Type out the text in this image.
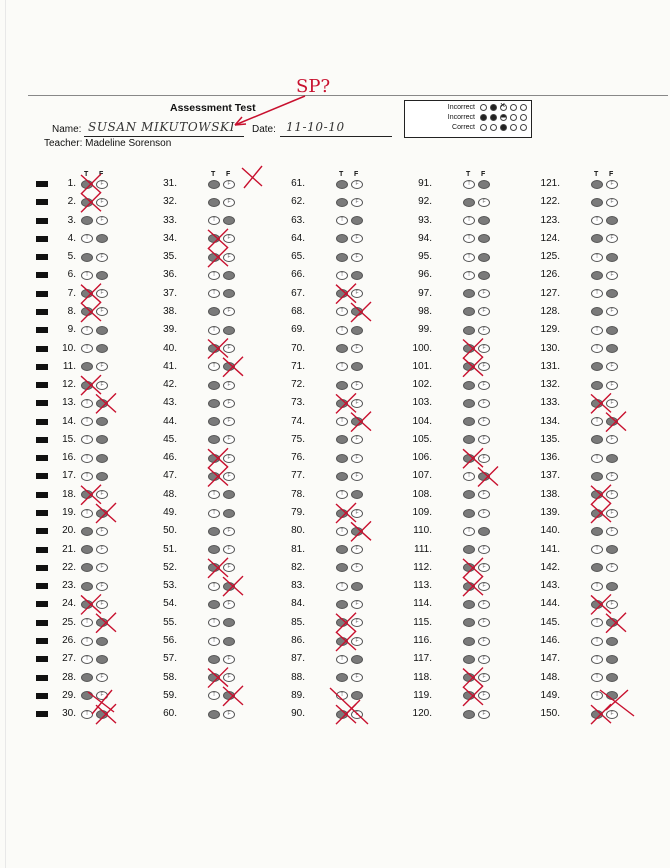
Assessment Test
Name: SUSAN MIKUTOWSKI Date: 11-10-10
Teacher: Madeline Sorenson
Incorrect
×
Incorrect
Correct
T F
1.	F
2.	F
3.	F
4.	T
5.	F
6.	T
7.	F
8.	F
9.	T
10.	T
11.	F
12.	F
13.	T
14.	T
15.	T
16.	T
17.	T
18.	F
19.	T
20.	F
21.	F
22.	F
23.	F
24.	F
25.	T
26.	T
27.	T
28.	F
29.	F
30.	T
T F
31.	F
32.	F
33.	T
34.	F
35.	F
36.	T
37.	T
38.	F
39.	T
40.	F
41.	T
42.	F
43.	F
44.	F
45.	F
46.	F
47.	F
48.	T
49.	T
50.	F
51.	F
52.	F
53.	T
54.	F
55.	T
56.	T
57.	F
58.	F
59.	T
60.	F
T F
61.	F
62.	F
63.	T
64.	F
65.	F
66.	T
67.	F
68.	T
69.	T
70.	F
71.	T
72.	F
73.	F
74.	T
75.	F
76.	F
77.	F
78.	T
79.	F
80.	T
81.	F
82.	F
83.	T
84.	F
85.	F
86.	F
87.	T
88.	F
89.	T
90.	F
T F
91.	T
92.	F
93.	T
94.	T
95.	T
96.	T
97.	F
98.	F
99.	F
100.	F
101.	F
102.	F
103.	F
104.	F
105.	F
106.	F
107.	T
108.	F
109.	F
110.	T
111.	F
112.	F
113.	F
114.	F
115.	F
116.	F
117.	F
118.	F
119.	F
120.	F
T F
121.	F
122.	F
123.	T
124.	F
125.	T
126.	F
127.	T
128.	F
129.	T
130.	T
131.	F
132.	F
133.	F
134.	T
135.	F
136.	T
137.	F
138.	F
139.	F
140.	F
141.	T
142.	F
143.	T
144.	F
145.	T
146.	T
147.	T
148.	T
149.	T
150.	F
SP?
